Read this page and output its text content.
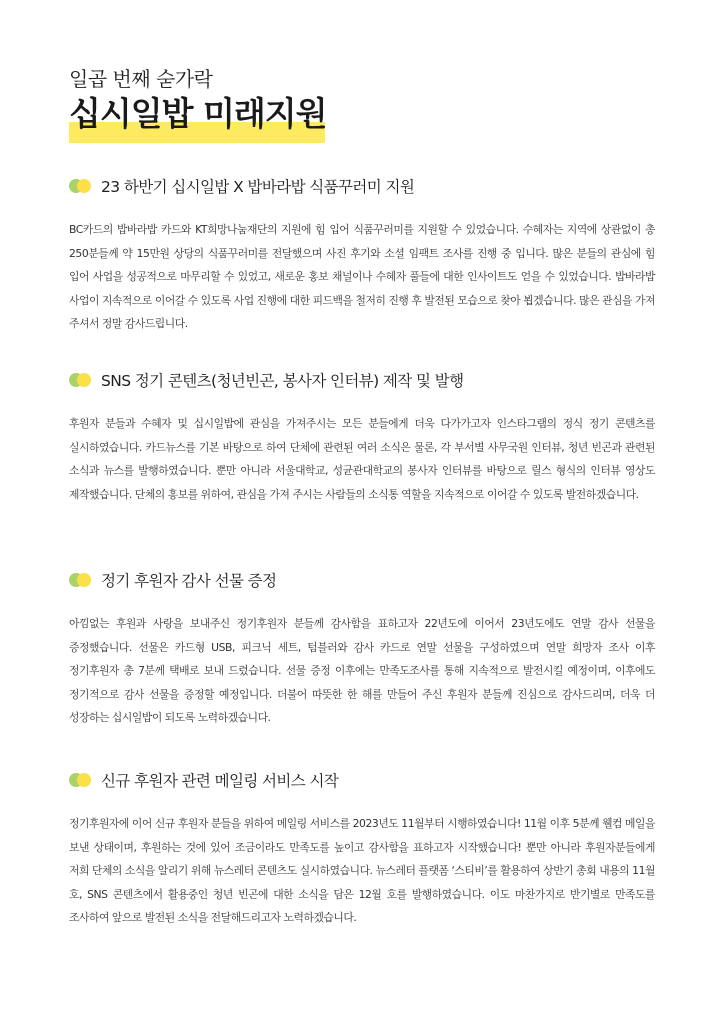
일곱 번째 숟가락
십시일밥 미래지원
23 하반기 십시일밥 X 밥바라밥 식품꾸러미 지원
BC카드의 밥바라밥 카드와 KT희망나눔재단의 지원에 힘 입어 식품꾸러미를 지원할 수 있었습니다. 수혜자는 지역에 상관없이 총 250분들께 약 15만원 상당의 식품꾸러미를 전달했으며 사진 후기와 소셜 임팩트 조사를 진행 중 입니다. 많은 분들의 관심에 힘 입어 사업을 성공적으로 마무리할 수 있었고, 새로운 홍보 채널이나 수혜자 풀들에 대한 인사이트도 얻을 수 있었습니다. 밥바라밥 사업이 지속적으로 이어갈 수 있도록 사업 진행에 대한 피드백을 철저히 진행 후 발전된 모습으로 찾아 뵙겠습니다. 많은 관심을 가져 주셔서 정말 감사드립니다.
SNS 정기 콘텐츠(청년빈곤, 봉사자 인터뷰) 제작 및 발행
후원자 분들과 수혜자 및 십시일밥에 관심을 가져주시는 모든 분들에게 더욱 다가가고자 인스타그램의 정식 정기 콘텐츠를 실시하였습니다. 카드뉴스를 기본 바탕으로 하여 단체에 관련된 여러 소식은 물론, 각 부서별 사무국원 인터뷰, 청년 빈곤과 관련된 소식과 뉴스를 발행하였습니다. 뿐만 아니라 서울대학교, 성균관대학교의 봉사자 인터뷰를 바탕으로 릴스 형식의 인터뷰 영상도 제작했습니다. 단체의 홍보를 위하여, 관심을 가져 주시는 사람들의 소식통 역할을 지속적으로 이어갈 수 있도록 발전하겠습니다.
정기 후원자 감사 선물 증정
아낌없는 후원과 사랑을 보내주신 정기후원자 분들께 감사함을 표하고자 22년도에 이어서 23년도에도 연말 감사 선물을 증정했습니다. 선물은 카드형 USB, 피크닉 세트, 텀블러와 감사 카드로 연말 선물을 구성하였으며 연말 희망자 조사 이후 정기후원자 총 7분께 택배로 보내 드렸습니다. 선물 증정 이후에는 만족도조사를 통해 지속적으로 발전시킬 예정이며, 이후에도 정기적으로 감사 선물을 증정할 예정입니다. 더불어 따뜻한 한 해를 만들어 주신 후원자 분들께 진심으로 감사드리며, 더욱 더 성장하는 십시일밥이 되도록 노력하겠습니다.
신규 후원자 관련 메일링 서비스 시작
정기후원자에 이어 신규 후원자 분들을 위하여 메일링 서비스를 2023년도 11월부터 시행하였습니다! 11월 이후 5분께 웰컴 메일을 보낸 상태이며, 후원하는 것에 있어 조금이라도 만족도를 높이고 감사함을 표하고자 시작했습니다! 뿐만 아니라 후원자분들에게 저희 단체의 소식을 알리기 위해 뉴스레터 콘텐츠도 실시하였습니다. 뉴스레터 플랫폼 ‘스티비’를 활용하여 상반기 총회 내용의 11월 호, SNS 콘텐츠에서 활용중인 청년 빈곤에 대한 소식을 담은 12월 호를 발행하였습니다. 이도 마찬가지로 반기별로 만족도를 조사하여 앞으로 발전된 소식을 전달해드리고자 노력하겠습니다.
